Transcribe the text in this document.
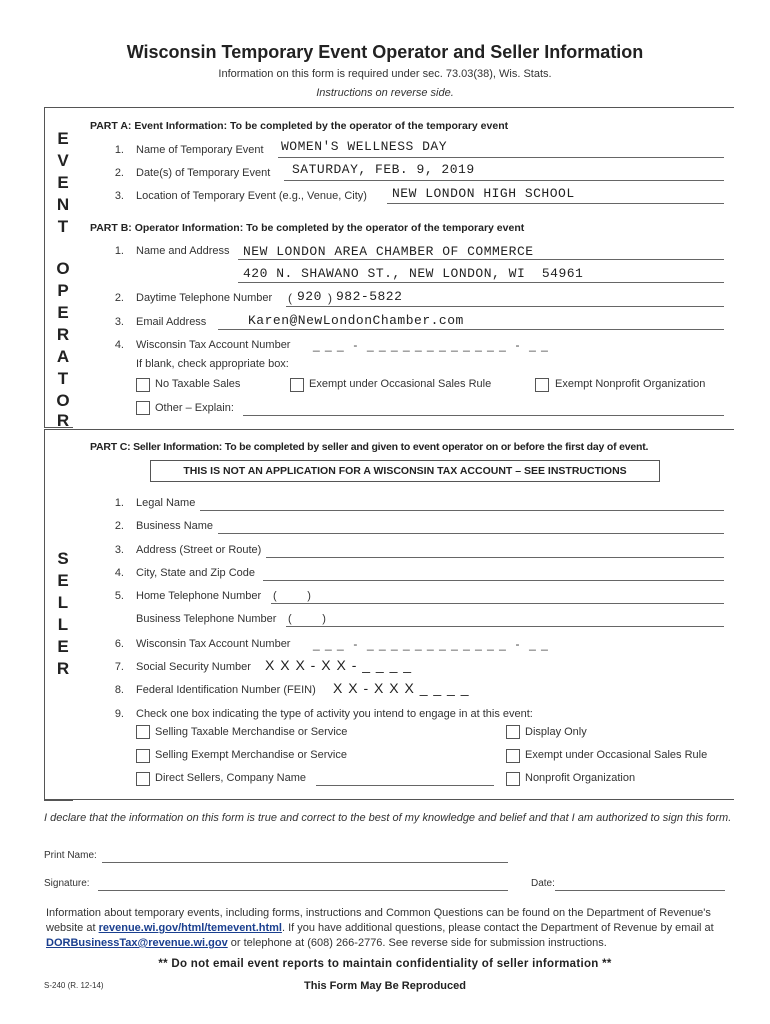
Wisconsin Temporary Event Operator and Seller Information
Information on this form is required under sec. 73.03(38), Wis. Stats.
Instructions on reverse side.
E
V
E
N
T
O
P
E
R
A
T
O
R
S
E
L
L
E
R
PART A: Event Information: To be completed by the operator of the temporary event
1. Name of Temporary Event WOMEN'S WELLNESS DAY
2. Date(s) of Temporary Event SATURDAY, FEB. 9, 2019
3. Location of Temporary Event (e.g., Venue, City) NEW LONDON HIGH SCHOOL
PART B: Operator Information: To be completed by the operator of the temporary event
1. Name and Address NEW LONDON AREA CHAMBER OF COMMERCE
420 N. SHAWANO ST., NEW LONDON, WI  54961
2. Daytime Telephone Number ( 920 ) 982-5822
3. Email Address	Karen@NewLondonChamber.com
4. Wisconsin Tax Account Number _ _ _  -  _ _ _ _ _ _ _ _ _ _ _ _  -  _ _
If blank, check appropriate box:
No Taxable Sales	Exempt under Occasional Sales Rule	Exempt Nonprofit Organization
Other – Explain:
PART C: Seller Information: To be completed by seller and given to event operator on or before the first day of event.
THIS IS NOT AN APPLICATION FOR A WISCONSIN TAX ACCOUNT – SEE INSTRUCTIONS
1. Legal Name
2. Business Name
3. Address (Street or Route)
4. City, State and Zip Code
5. Home Telephone Number (          )
Business Telephone Number (          )
6. Wisconsin Tax Account Number _ _ _  -  _ _ _ _ _ _ _ _ _ _ _ _  -  _ _
7. Social Security Number X X X - X X - _ _ _ _
8. Federal Identification Number (FEIN) X X - X X X _ _ _ _
9. Check one box indicating the type of activity you intend to engage in at this event:
Selling Taxable Merchandise or Service	Display Only
Selling Exempt Merchandise or Service	Exempt under Occasional Sales Rule
Direct Sellers, Company Name	Nonprofit Organization
I declare that the information on this form is true and correct to the best of my knowledge and belief and that I am authorized to sign this form.
Print Name:
Signature:	Date:
Information about temporary events, including forms, instructions and Common Questions can be found on the Department of Revenue's website at revenue.wi.gov/html/temevent.html. If you have additional questions, please contact the Department of Revenue by email at DORBusinessTax@revenue.wi.gov or telephone at (608) 266-2776. See reverse side for submission instructions.
** Do not email event reports to maintain confidentiality of seller information **
S-240 (R. 12-14)	This Form May Be Reproduced
